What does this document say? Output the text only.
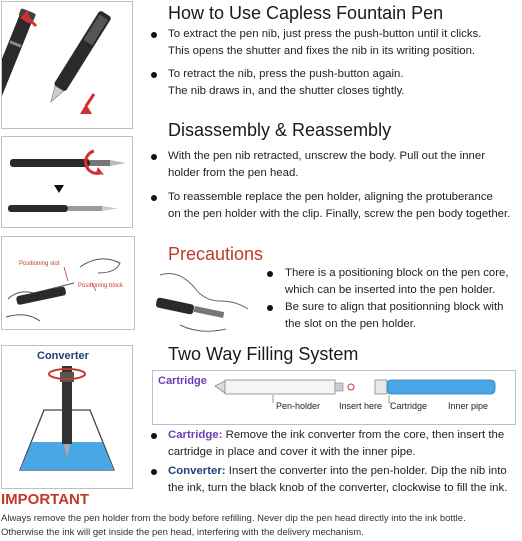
How to Use Capless Fountain Pen
To extract the pen nib, just press the push-button until it clicks.
This opens the shutter and fixes the nib in its writing position.
To retract the nib, press the push-button again.
The nib draws in, and the shutter closes tightly.
Disassembly & Reassembly
With the pen nib retracted, unscrew the body. Pull out the inner
holder from the pen head.
To reassemble replace the pen holder, aligning the protuberance
on the pen holder with the clip. Finally, screw the pen body together.
Positioning slot
Positioning block
Precautions
There is a positioning block on the pen core,
which can be inserted into the pen holder.
Be sure to align that positionning block with
the slot on the pen holder.
Converter	Two Way Filling System
Cartridge
Pen-holder Insert here Cartridge Inner pipe
Cartridge: Remove the ink converter from the core, then insert the
cartridge in place and cover it with the inner pipe.
Converter: Insert the converter into the pen-holder. Dip the nib into
the ink, turn the black knob of the converter, clockwise to fill the ink.
IMPORTANT
Always remove the pen holder from the body before refilling. Never dip the pen head directly into the ink bottle.
Otherwise the ink will get inside the pen head, interfering with the delivery mechanism.
